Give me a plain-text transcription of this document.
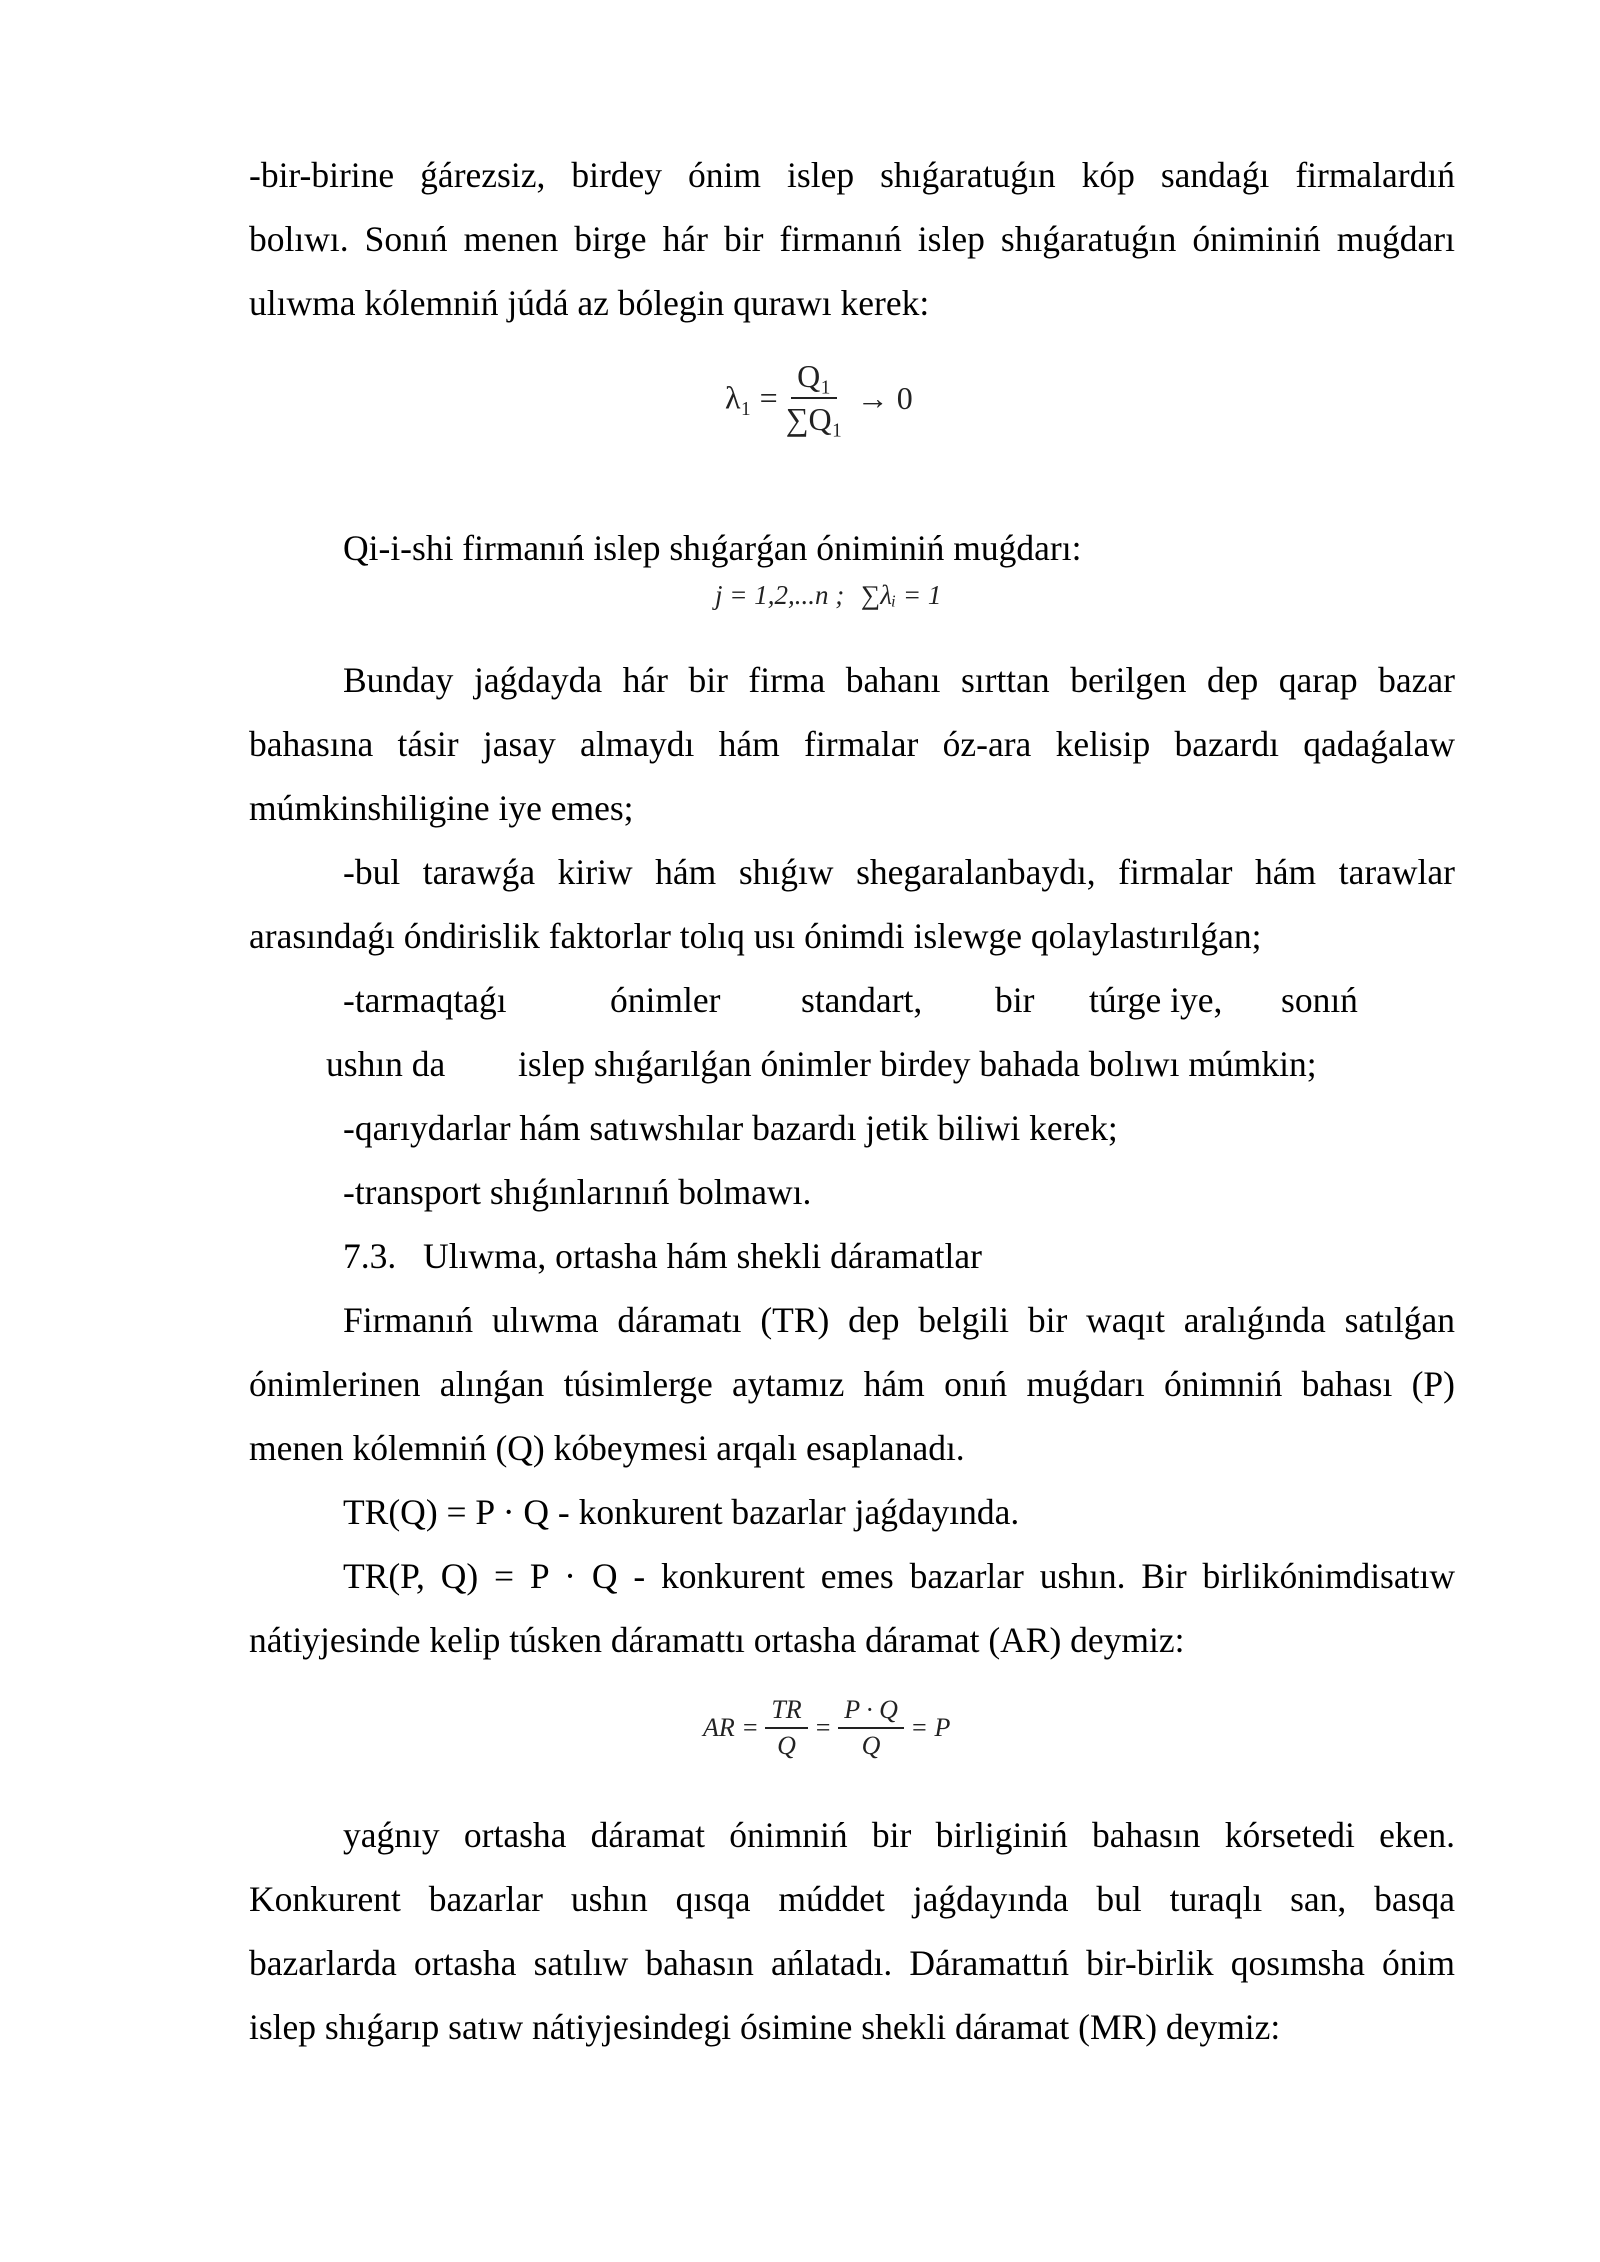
-bir-birine ǵárezsiz, birdey ónim islep shıǵaratuǵın kóp sandaǵı firmalardıń
bolıwı. Sonıń menen birge hár bir firmanıń islep shıǵaratuǵın óniminiń muǵdarı
ulıwma kólemniń júdá az bólegin qurawı kerek:
$\lambda_1 = \frac{\text{Q₁}}{\text{∑Q₁}} \to 0$
Qi-i-shi firmanıń islep shıǵarǵan óniminiń muǵdarı:
j = 1,2,...n ; ∑λᵢ = 1
Bunday jaǵdayda hár bir firma bahanı sırttan berilgen dep qarap bazar
bahasına tásir jasay almaydı hám firmalar óz-ara kelisip bazardı qadaǵalaw
múmkinshiligine iye emes;
-bul tarawǵa kiriw hám shıǵıw shegaralanbaydı, firmalar hám tarawlar
arasındaǵı óndirislik faktorlar tolıq usı ónimdi islewge qolaylastırılǵan;
-tarmaqtaǵı	ónimler standart, bir túrge iye, sonıń
ushın da islep shıǵarılǵan ónimler birdey bahada bolıwı múmkin;
-qarıydarlar hám satıwshılar bazardı jetik biliwi kerek;
-transport shıǵınlarınıń bolmawı.
7.3. Ulıwma, ortasha hám shekli dáramatlar
Firmanıń ulıwma dáramatı (TR) dep belgili bir waqıt aralıǵında satılǵan
ónimlerinen alınǵan túsimlerge aytamız hám onıń muǵdarı ónimniń bahası (P)
menen kólemniń (Q) kóbeymesi arqalı esaplanadı.
TR(Q) = P · Q - konkurent bazarlar jaǵdayında.
TR(P, Q) = P · Q - konkurent emes bazarlar ushın. Bir birlikónimdisatıw
nátiyjesinde kelip túsken dáramattı ortasha dáramat (AR) deymiz:
AR = $\frac{TR}{Q} = \frac{P \cdot Q}{Q} = P$
yaǵnıy ortasha dáramat ónimniń bir birliginiń bahasın kórsetedi eken.
Konkurent bazarlar ushın qısqa múddet jaǵdayında bul turaqlı san, basqa
bazarlarda ortasha satılıw bahasın ańlatadı. Dáramattıń bir-birlik qosımsha ónim
islep shıǵarıp satıw nátiyjesindegi ósimine shekli dáramat (MR) deymiz:
